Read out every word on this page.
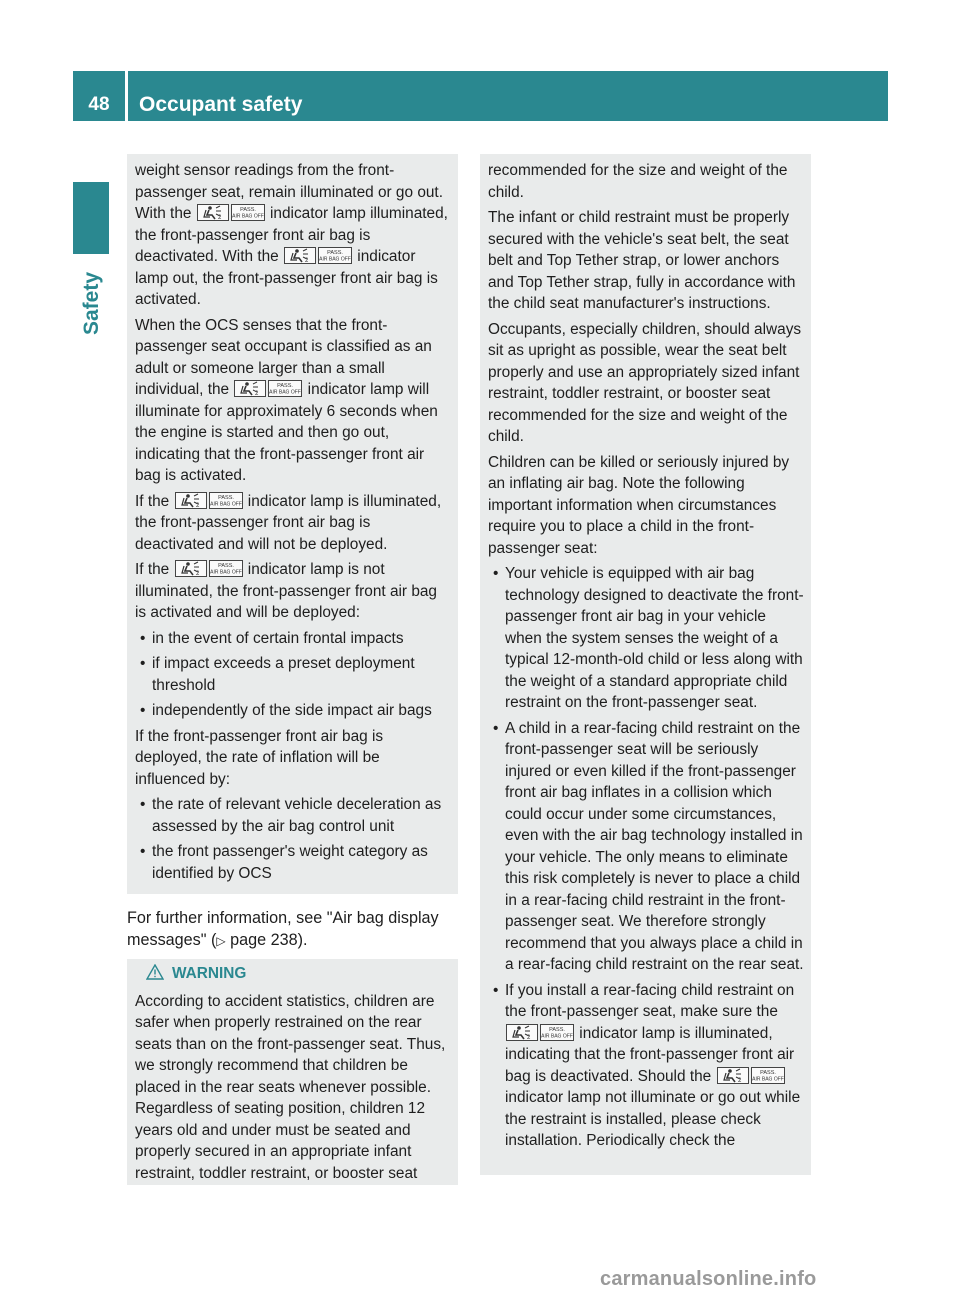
48	Occupant safety
Safety

weight sensor readings from the front-passenger seat, remain illuminated or go out. With the	2
PASS.
AIR BAG OFF indicator lamp illuminated, the front-passenger front air bag is deactivated. With the	2
PASS.
AIR BAG OFF indicator lamp out, the front-passenger front air bag is activated.

When the OCS senses that the front-passenger seat occupant is classified as an adult or someone larger than a small individual, the	2
PASS.
AIR BAG OFF indicator lamp will illuminate for approximately 6 seconds when the engine is started and then go out, indicating that the front-passenger front air bag is activated.

If the	2
PASS.
AIR BAG OFF indicator lamp is illuminated, the front-passenger front air bag is deactivated and will not be deployed.

If the	2
PASS.
AIR BAG OFF indicator lamp is not illuminated, the front-passenger front air bag is activated and will be deployed:

• in the event of certain frontal impacts
• if impact exceeds a preset deployment threshold
• independently of the side impact air bags

If the front-passenger front air bag is deployed, the rate of inflation will be influenced by:

• the rate of relevant vehicle deceleration as assessed by the air bag control unit
• the front passenger's weight category as identified by OCS
For further information, see "Air bag display messages" (▷ page 238).
WARNING

According to accident statistics, children are safer when properly restrained on the rear seats than on the front-passenger seat. Thus, we strongly recommend that children be placed in the rear seats whenever possible. Regardless of seating position, children 12 years old and under must be seated and properly secured in an appropriate infant restraint, toddler restraint, or booster seat

recommended for the size and weight of the child.

The infant or child restraint must be properly secured with the vehicle's seat belt, the seat belt and Top Tether strap, or lower anchors and Top Tether strap, fully in accordance with the child seat manufacturer's instructions.

Occupants, especially children, should always sit as upright as possible, wear the seat belt properly and use an appropriately sized infant restraint, toddler restraint, or booster seat recommended for the size and weight of the child.

Children can be killed or seriously injured by an inflating air bag. Note the following important information when circumstances require you to place a child in the front-passenger seat:

• Your vehicle is equipped with air bag technology designed to deactivate the front-passenger front air bag in your vehicle when the system senses the weight of a typical 12-month-old child or less along with the weight of a standard appropriate child restraint on the front-passenger seat.
• A child in a rear-facing child restraint on the front-passenger seat will be seriously injured or even killed if the front-passenger front air bag inflates in a collision which could occur under some circumstances, even with the air bag technology installed in your vehicle. The only means to eliminate this risk completely is never to place a child in a rear-facing child restraint in the front-passenger seat. We therefore strongly recommend that you always place a child in a rear-facing child restraint on the rear seat.
• If you install a rear-facing child restraint on the front-passenger seat, make sure the
2
PASS.
AIR BAG OFF indicator lamp is illuminated, indicating that the front-passenger front air bag is deactivated. Should the	2
PASS.
AIR BAG OFF
indicator lamp not illuminate or go out while the restraint is installed, please check installation. Periodically check the
carmanualsonline.info
